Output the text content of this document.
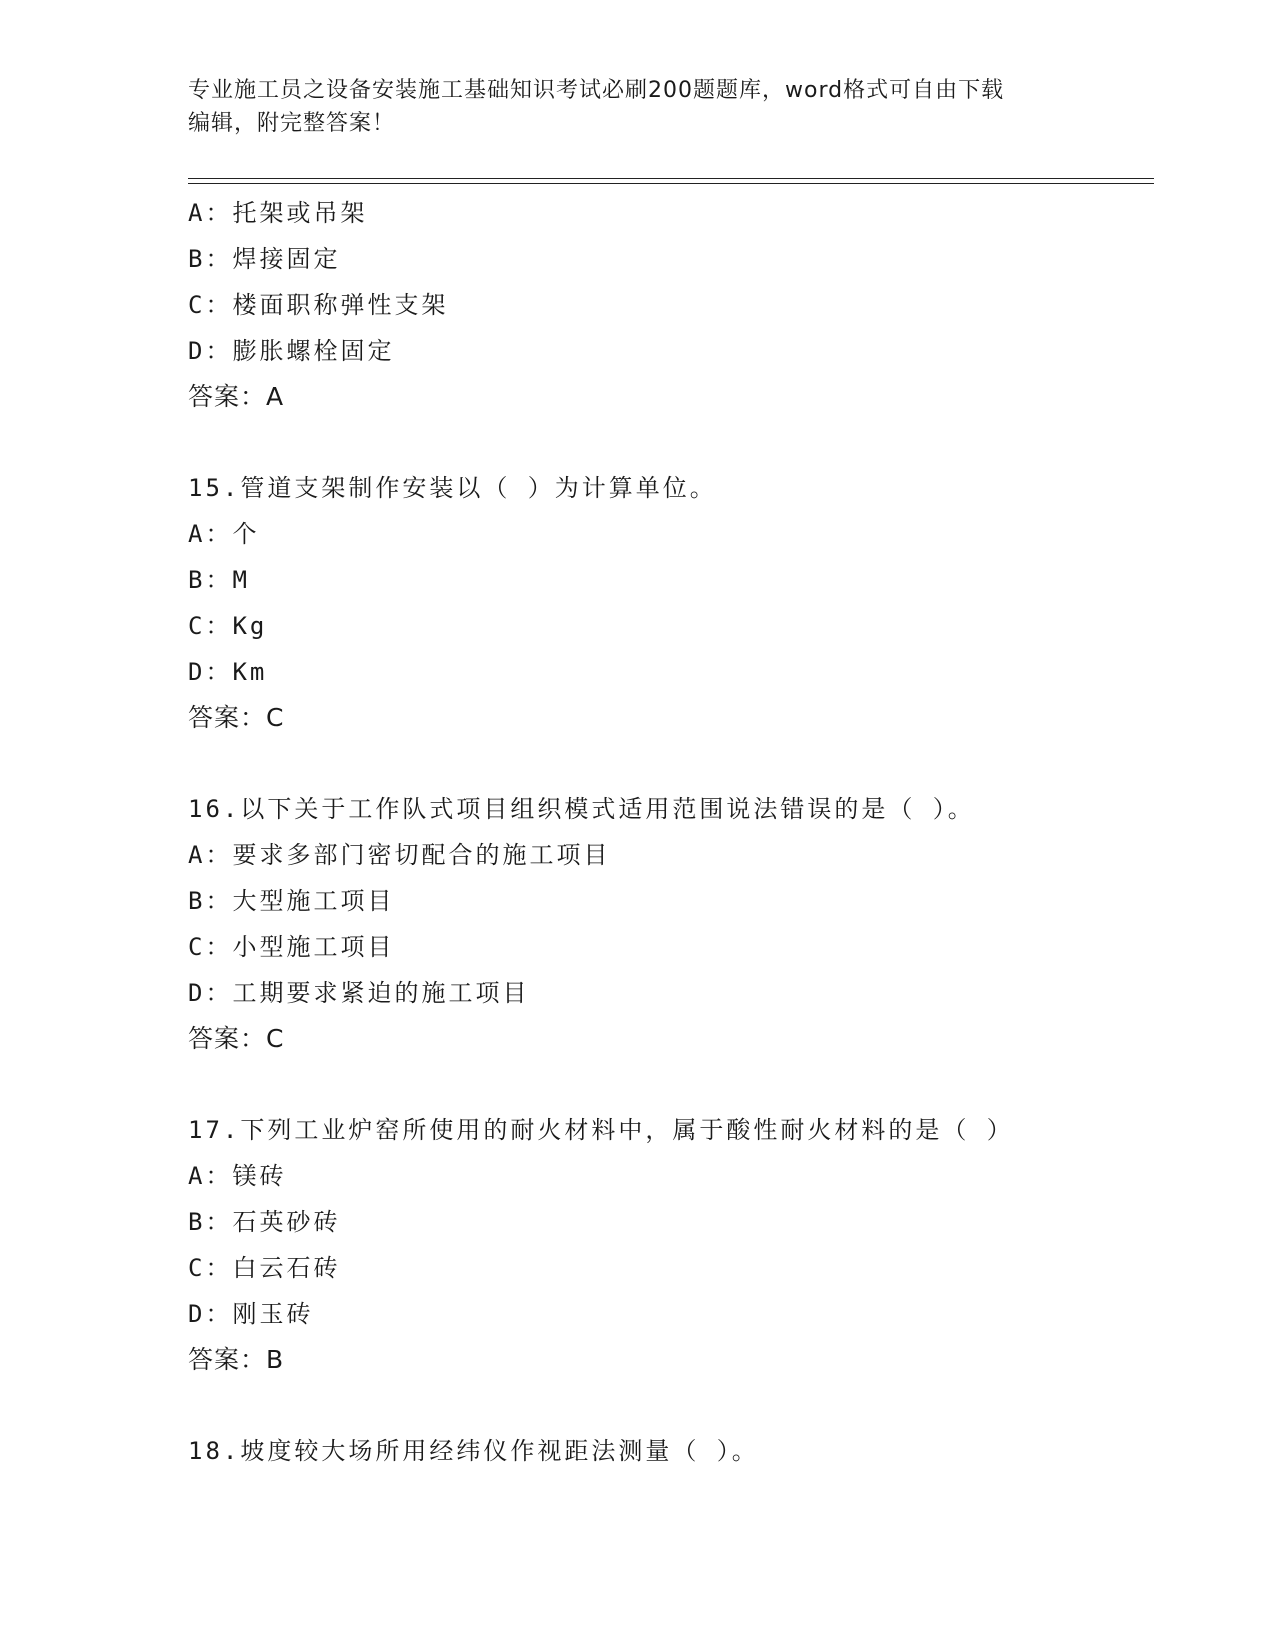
专业施工员之设备安装施工基础知识考试必刷200题题库，word格式可自由下载
编辑，附完整答案！
A：托架或吊架
B：焊接固定
C：楼面职称弹性支架
D：膨胀螺栓固定
答案：A
15.管道支架制作安装以（ ）为计算单位。
A：个
B：M
C：Kg
D：Km
答案：C
16.以下关于工作队式项目组织模式适用范围说法错误的是（ ）。
A：要求多部门密切配合的施工项目
B：大型施工项目
C：小型施工项目
D：工期要求紧迫的施工项目
答案：C
17.下列工业炉窑所使用的耐火材料中，属于酸性耐火材料的是（ ）
A：镁砖
B：石英砂砖
C：白云石砖
D：刚玉砖
答案：B
18.坡度较大场所用经纬仪作视距法测量（ ）。
